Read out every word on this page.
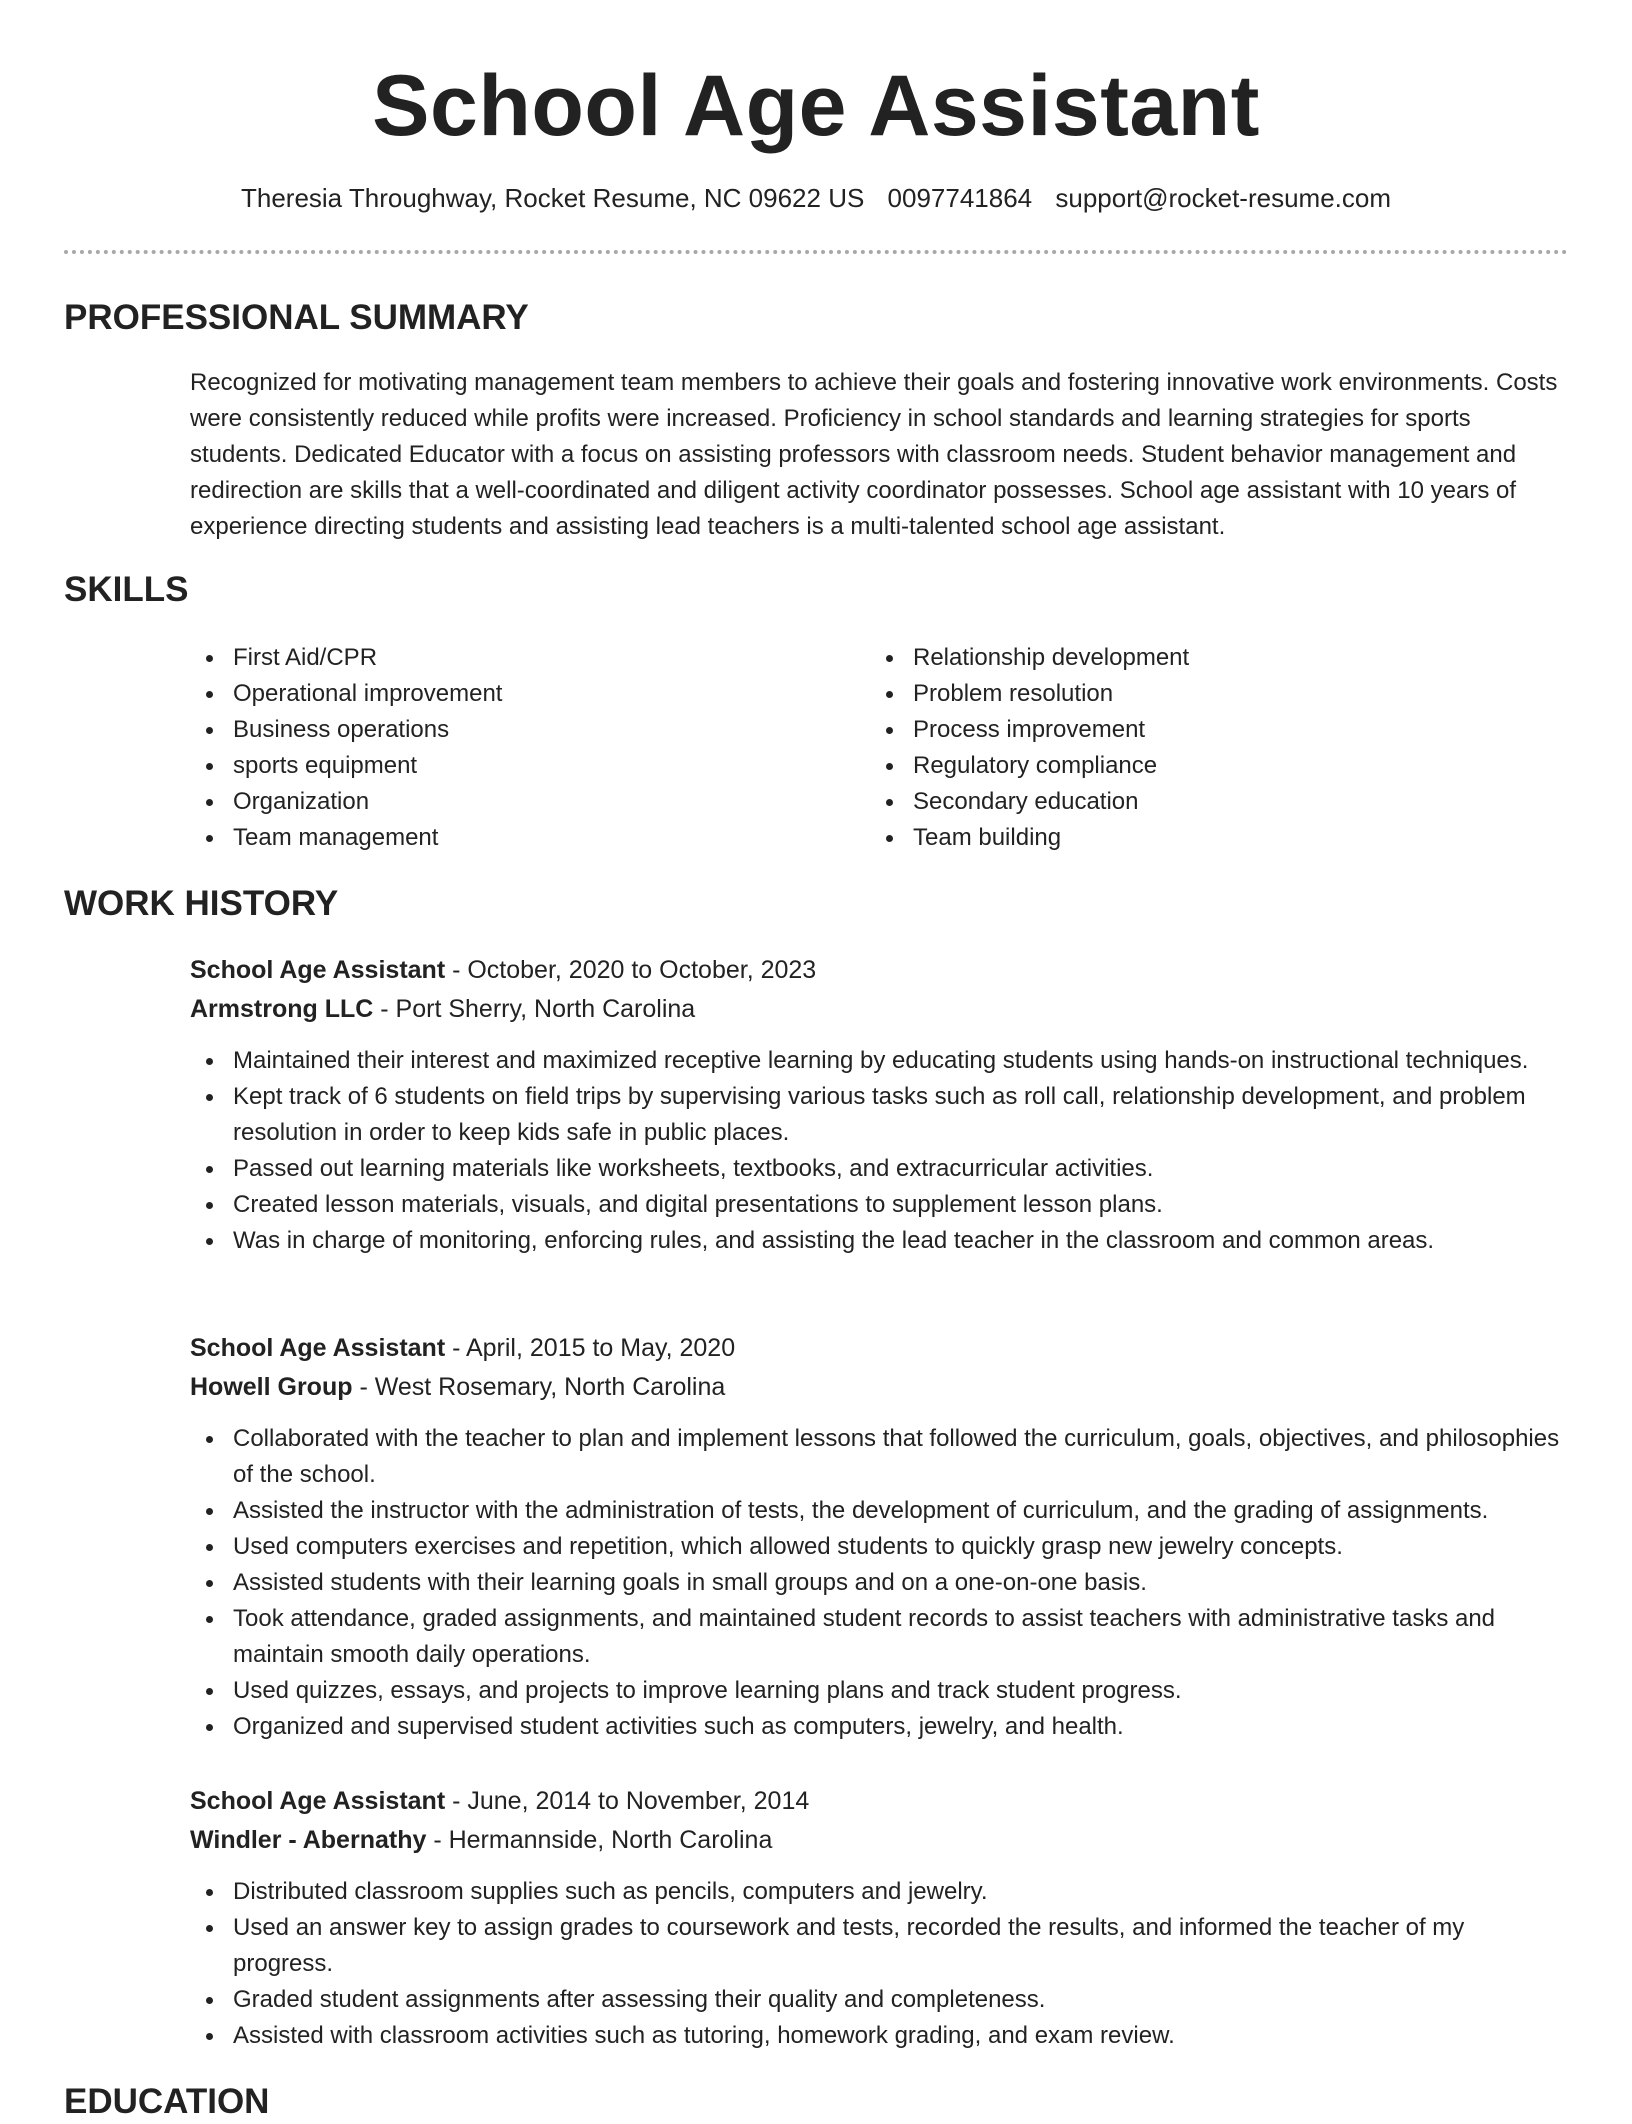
School Age Assistant
Theresia Throughway, Rocket Resume, NC 09622 US 0097741864 support@rocket-resume.com
PROFESSIONAL SUMMARY
Recognized for motivating management team members to achieve their goals and fostering innovative work environments. Costs were consistently reduced while profits were increased. Proficiency in school standards and learning strategies for sports students. Dedicated Educator with a focus on assisting professors with classroom needs. Student behavior management and redirection are skills that a well-coordinated and diligent activity coordinator possesses. School age assistant with 10 years of experience directing students and assisting lead teachers is a multi-talented school age assistant.
SKILLS
First Aid/CPR
Operational improvement
Business operations
sports equipment
Organization
Team management
Relationship development
Problem resolution
Process improvement
Regulatory compliance
Secondary education
Team building
WORK HISTORY
School Age Assistant - October, 2020 to October, 2023
Armstrong LLC - Port Sherry, North Carolina
Maintained their interest and maximized receptive learning by educating students using hands-on instructional techniques.
Kept track of 6 students on field trips by supervising various tasks such as roll call, relationship development, and problem resolution in order to keep kids safe in public places.
Passed out learning materials like worksheets, textbooks, and extracurricular activities.
Created lesson materials, visuals, and digital presentations to supplement lesson plans.
Was in charge of monitoring, enforcing rules, and assisting the lead teacher in the classroom and common areas.
School Age Assistant - April, 2015 to May, 2020
Howell Group - West Rosemary, North Carolina
Collaborated with the teacher to plan and implement lessons that followed the curriculum, goals, objectives, and philosophies of the school.
Assisted the instructor with the administration of tests, the development of curriculum, and the grading of assignments.
Used computers exercises and repetition, which allowed students to quickly grasp new jewelry concepts.
Assisted students with their learning goals in small groups and on a one-on-one basis.
Took attendance, graded assignments, and maintained student records to assist teachers with administrative tasks and maintain smooth daily operations.
Used quizzes, essays, and projects to improve learning plans and track student progress.
Organized and supervised student activities such as computers, jewelry, and health.
School Age Assistant - June, 2014 to November, 2014
Windler - Abernathy - Hermannside, North Carolina
Distributed classroom supplies such as pencils, computers and jewelry.
Used an answer key to assign grades to coursework and tests, recorded the results, and informed the teacher of my progress.
Graded student assignments after assessing their quality and completeness.
Assisted with classroom activities such as tutoring, homework grading, and exam review.
EDUCATION
